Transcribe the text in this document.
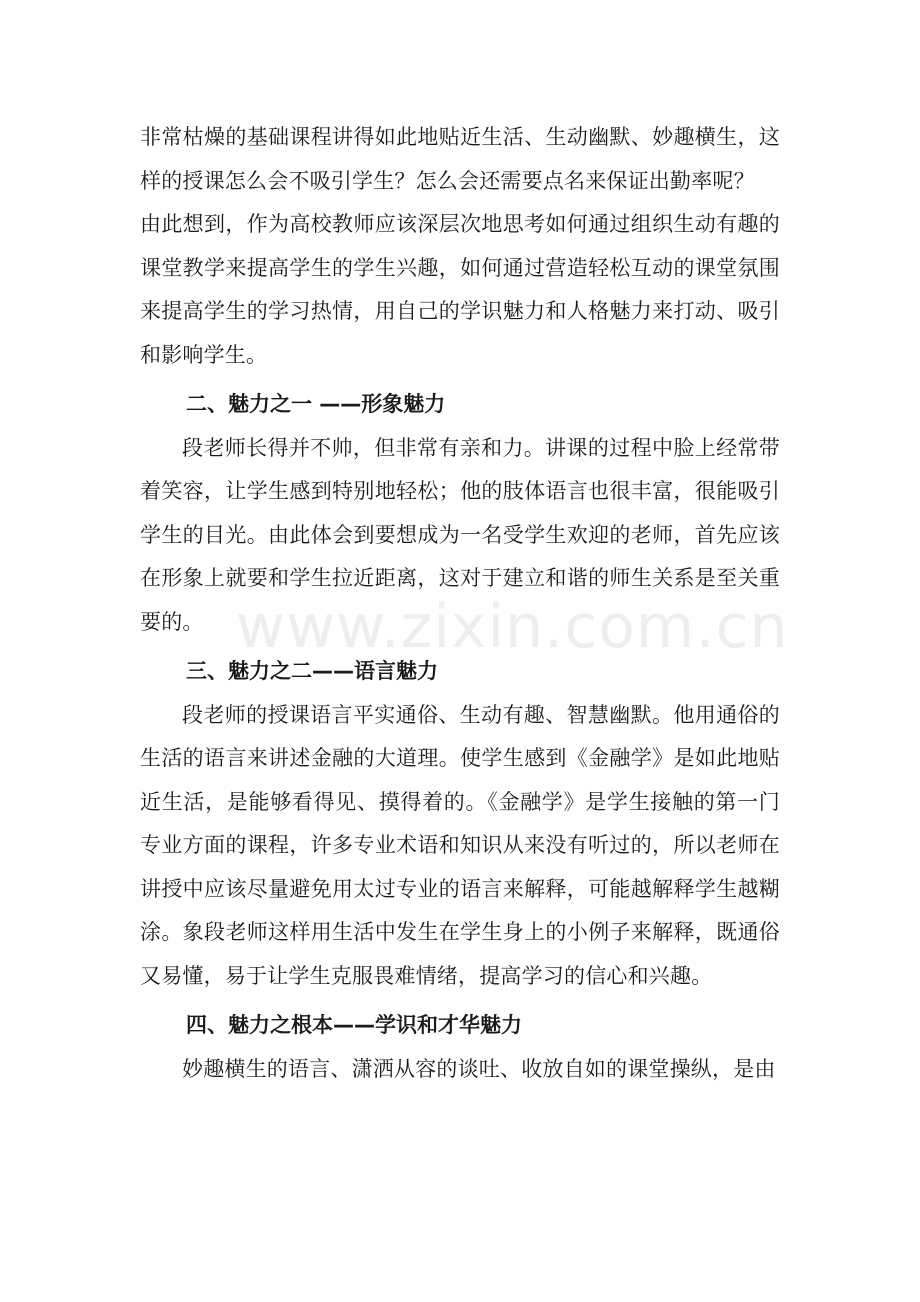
非常枯燥的基础课程讲得如此地贴近生活、生动幽默、妙趣横生，这样的授课怎么会不吸引学生？怎么会还需要点名来保证出勤率呢？

由此想到，作为高校教师应该深层次地思考如何通过组织生动有趣的课堂教学来提高学生的学生兴趣，如何通过营造轻松互动的课堂氛围来提高学生的学习热情，用自己的学识魅力和人格魅力来打动、吸引和影响学生。

二、魅力之一 ——形象魅力

段老师长得并不帅，但非常有亲和力。讲课的过程中脸上经常带着笑容，让学生感到特别地轻松；他的肢体语言也很丰富，很能吸引学生的目光。由此体会到要想成为一名受学生欢迎的老师，首先应该在形象上就要和学生拉近距离，这对于建立和谐的师生关系是至关重要的。

三、魅力之二——语言魅力

段老师的授课语言平实通俗、生动有趣、智慧幽默。他用通俗的生活的语言来讲述金融的大道理。使学生感到《金融学》是如此地贴近生活，是能够看得见、摸得着的。《金融学》是学生接触的第一门专业方面的课程，许多专业术语和知识从来没有听过的，所以老师在讲授中应该尽量避免用太过专业的语言来解释，可能越解释学生越糊涂。象段老师这样用生活中发生在学生身上的小例子来解释，既通俗又易懂，易于让学生克服畏难情绪，提高学习的信心和兴趣。

四、魅力之根本——学识和才华魅力

妙趣横生的语言、潇洒从容的谈吐、收放自如的课堂操纵，是由

www.zixin.com.cn
